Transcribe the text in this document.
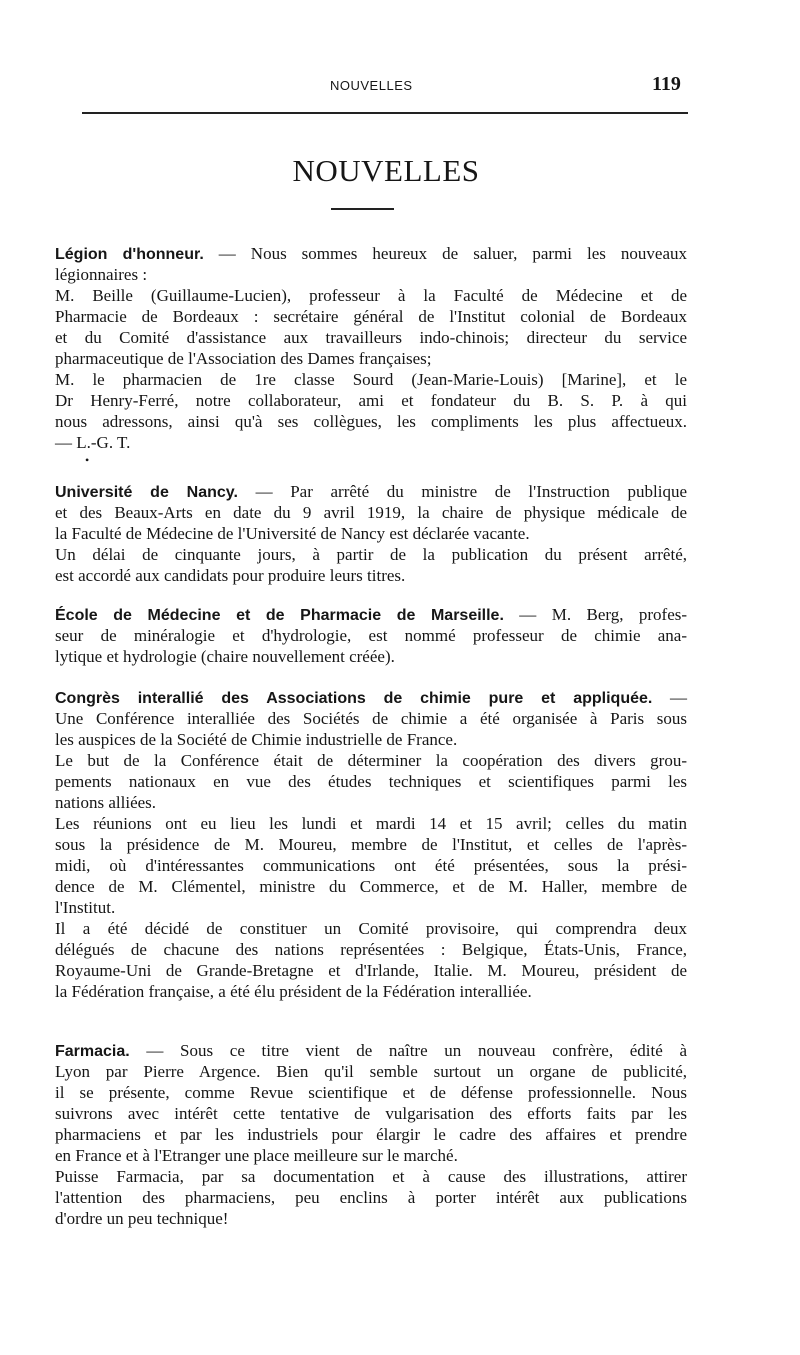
NOUVELLES	119
NOUVELLES
Légion d'honneur. — Nous sommes heureux de saluer, parmi les nouveaux
légionnaires :
M. Beille (Guillaume-Lucien), professeur à la Faculté de Médecine et de
Pharmacie de Bordeaux : secrétaire général de l'Institut colonial de Bordeaux
et du Comité d'assistance aux travailleurs indo-chinois; directeur du service
pharmaceutique de l'Association des Dames françaises;
M. le pharmacien de 1re classe Sourd (Jean-Marie-Louis) [Marine], et le
Dr Henry-Ferré, notre collaborateur, ami et fondateur du B. S. P. à qui
nous adressons, ainsi qu'à ses collègues, les compliments les plus affectueux.
— L.-G. T.
•
Université de Nancy. — Par arrêté du ministre de l'Instruction publique
et des Beaux-Arts en date du 9 avril 1919, la chaire de physique médicale de
la Faculté de Médecine de l'Université de Nancy est déclarée vacante.
Un délai de cinquante jours, à partir de la publication du présent arrêté,
est accordé aux candidats pour produire leurs titres.
École de Médecine et de Pharmacie de Marseille. — M. Berg, profes-
seur de minéralogie et d'hydrologie, est nommé professeur de chimie ana-
lytique et hydrologie (chaire nouvellement créée).
Congrès interallié des Associations de chimie pure et appliquée. —
Une Conférence interalliée des Sociétés de chimie a été organisée à Paris sous
les auspices de la Société de Chimie industrielle de France.
Le but de la Conférence était de déterminer la coopération des divers grou-
pements nationaux en vue des études techniques et scientifiques parmi les
nations alliées.
Les réunions ont eu lieu les lundi et mardi 14 et 15 avril; celles du matin
sous la présidence de M. Moureu, membre de l'Institut, et celles de l'après-
midi, où d'intéressantes communications ont été présentées, sous la prési-
dence de M. Clémentel, ministre du Commerce, et de M. Haller, membre de
l'Institut.
Il a été décidé de constituer un Comité provisoire, qui comprendra deux
délégués de chacune des nations représentées : Belgique, États-Unis, France,
Royaume-Uni de Grande-Bretagne et d'Irlande, Italie. M. Moureu, président de
la Fédération française, a été élu président de la Fédération interalliée.
Farmacia. — Sous ce titre vient de naître un nouveau confrère, édité à
Lyon par Pierre Argence. Bien qu'il semble surtout un organe de publicité,
il se présente, comme Revue scientifique et de défense professionnelle. Nous
suivrons avec intérêt cette tentative de vulgarisation des efforts faits par les
pharmaciens et par les industriels pour élargir le cadre des affaires et prendre
en France et à l'Etranger une place meilleure sur le marché.
Puisse Farmacia, par sa documentation et à cause des illustrations, attirer
l'attention des pharmaciens, peu enclins à porter intérêt aux publications
d'ordre un peu technique!
